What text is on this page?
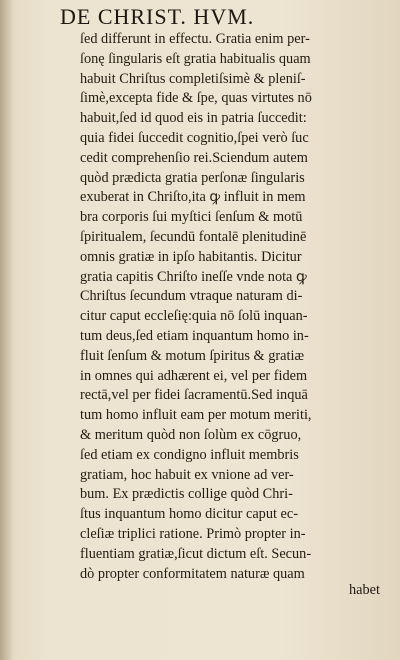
DE CHRIST. HVM.
ſed differunt in effectu. Gratia enim per-
ſonę ſingularis eſt gratia habitualis quam
habuit Chriſtus completiſsimè & pleniſ-
ſimè,excepta fide & ſpe, quas virtutes nō
habuit,ſed id quod eis in patria ſuccedit:
quia fidei ſuccedit cognitio,ſpei verò ſuc
cedit comprehenſio rei.Sciendum autem
quòd prædicta gratia perſonæ ſingularis
exuberat in Chriſto,ita ꝙ influit in mem
bra corporis ſui myſtici ſenſum & motū
ſpiritualem, ſecundū fontalē plenitudinē
omnis gratiæ in ipſo habitantis. Dicitur
gratia capitis Chriſto ineſſe vnde nota ꝙ
Chriſtus ſecundum vtraque naturam di-
citur caput eccleſię:quia nō ſolū inquan-
tum deus,ſed etiam inquantum homo in-
fluit ſenſum & motum ſpiritus & gratiæ
in omnes qui adhærent ei, vel per fidem
rectā,vel per fidei ſacramentū.Sed inquā
tum homo influit eam per motum meriti,
& meritum quòd non ſolùm ex cōgruo,
ſed etiam ex condigno influit membris
gratiam, hoc habuit ex vnione ad ver-
bum. Ex prædictis collige quòd Chri-
ſtus inquantum homo dicitur caput ec-
cleſiæ triplici ratione. Primò propter in-
fluentiam gratiæ,ſicut dictum eſt. Secun-
dò propter conformitatem naturæ quam
habet
